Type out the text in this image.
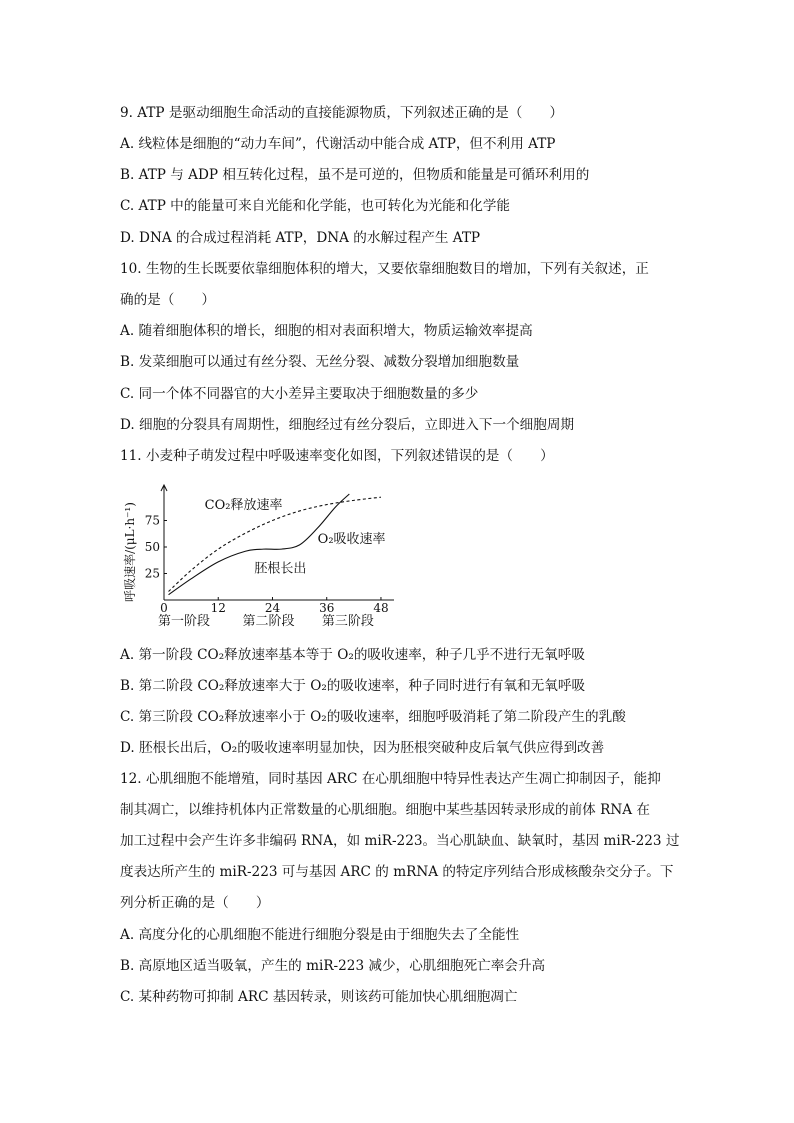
9. ATP 是驱动细胞生命活动的直接能源物质，下列叙述正确的是（　　）
A. 线粒体是细胞的“动力车间”，代谢活动中能合成 ATP，但不利用 ATP
B. ATP 与 ADP 相互转化过程，虽不是可逆的，但物质和能量是可循环利用的
C. ATP 中的能量可来自光能和化学能，也可转化为光能和化学能
D. DNA 的合成过程消耗 ATP，DNA 的水解过程产生 ATP
10. 生物的生长既要依靠细胞体积的增大，又要依靠细胞数目的增加，下列有关叙述，正
确的是（　　）
A. 随着细胞体积的增长，细胞的相对表面积增大，物质运输效率提高
B. 发菜细胞可以通过有丝分裂、无丝分裂、减数分裂增加细胞数量
C. 同一个体不同器官的大小差异主要取决于细胞数量的多少
D. 细胞的分裂具有周期性，细胞经过有丝分裂后，立即进入下一个细胞周期
11. 小麦种子萌发过程中呼吸速率变化如图，下列叙述错误的是（　　）
0	12	24	36	48
25
50
75
呼吸速率/(μL·h⁻¹)
第一阶段 第二阶段 第三阶段
CO₂释放速率
O₂吸收速率
胚根长出
A. 第一阶段 CO₂释放速率基本等于 O₂的吸收速率，种子几乎不进行无氧呼吸
B. 第二阶段 CO₂释放速率大于 O₂的吸收速率，种子同时进行有氧和无氧呼吸
C. 第三阶段 CO₂释放速率小于 O₂的吸收速率，细胞呼吸消耗了第二阶段产生的乳酸
D. 胚根长出后，O₂的吸收速率明显加快，因为胚根突破种皮后氧气供应得到改善
12. 心肌细胞不能增殖，同时基因 ARC 在心肌细胞中特异性表达产生凋亡抑制因子，能抑
制其凋亡，以维持机体内正常数量的心肌细胞。细胞中某些基因转录形成的前体 RNA 在
加工过程中会产生许多非编码 RNA，如 miR-223。当心肌缺血、缺氧时，基因 miR-223 过
度表达所产生的 miR-223 可与基因 ARC 的 mRNA 的特定序列结合形成核酸杂交分子。下
列分析正确的是（　　）
A. 高度分化的心肌细胞不能进行细胞分裂是由于细胞失去了全能性
B. 高原地区适当吸氧，产生的 miR-223 减少，心肌细胞死亡率会升高
C. 某种药物可抑制 ARC 基因转录，则该药可能加快心肌细胞凋亡
